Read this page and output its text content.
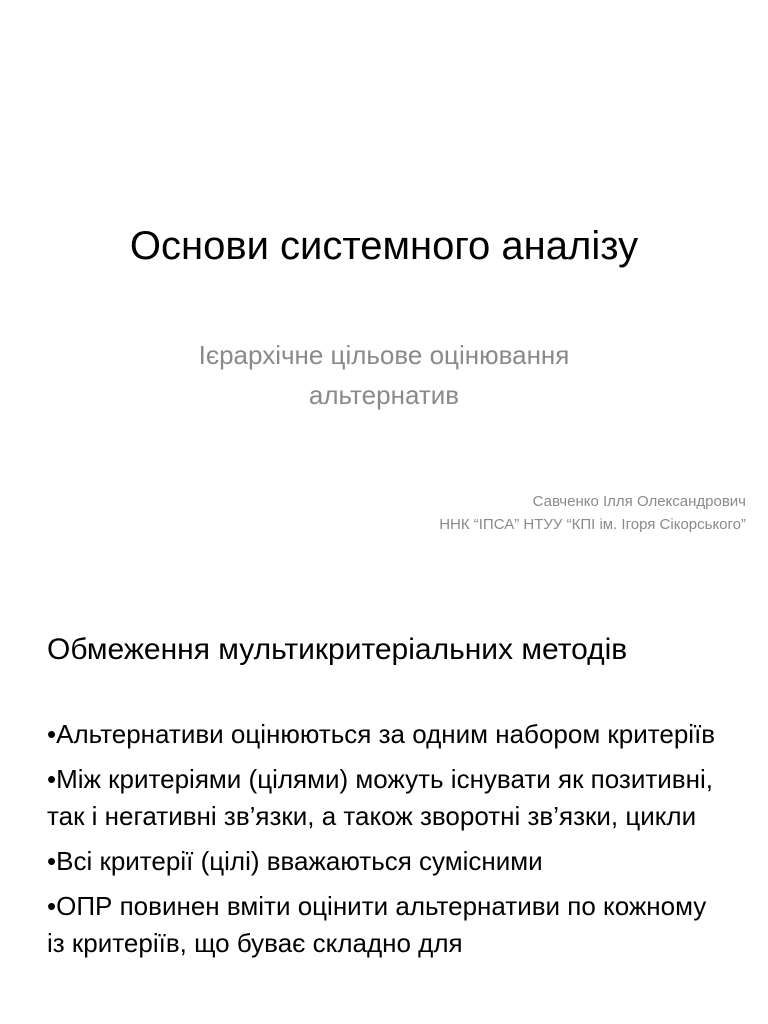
Основи системного аналізу
Ієрархічне цільове оцінювання
альтернатив
Савченко Ілля Олександрович
ННК “ІПСА” НТУУ “КПІ ім. Ігоря Сікорського”
Обмеження мультикритеріальних методів
•Альтернативи оцінюються за одним набором критеріїв
•Між критеріями (цілями) можуть існувати як позитивні, так і негативні зв’язки, а також зворотні зв’язки, цикли
•Всі критерії (цілі) вважаються сумісними
•ОПР повинен вміти оцінити альтернативи по кожному із критеріїв, що буває складно для
